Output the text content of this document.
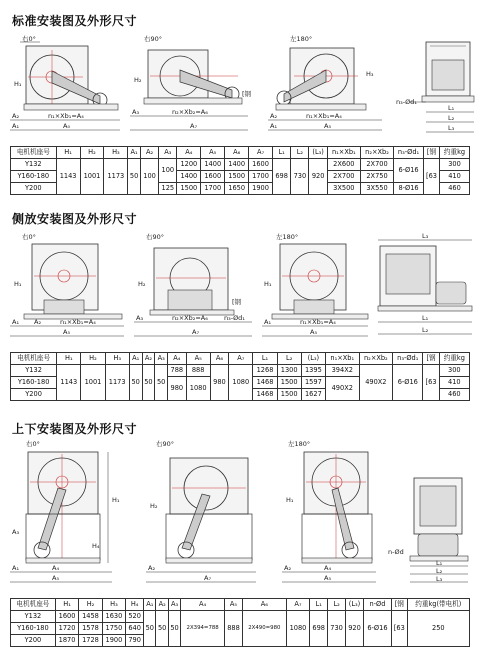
标准安装图及外形尺寸
右0°
H₁
n₁×Xb₁=A₄
A₂
A₁	A₀
右90°
H₂
[钢
n₂×Xb₂=A₆
A₃
A₇
左180°
H₃
n₁×Xb₁=A₄
A₂
A₁	A₅
n₃-Ød₁
L₁
L₂
L₃
电机机座号	H₁	H₂	H₃	A₁	A₂	A₃	A₄	A₅	A₆	A₇	L₁	L₂	(L₃)	n₁×Xb₁	n₂×Xb₂	n₃-Ød₁	[钢	约重kg
Y132	1143	1001	1173	50	100	100	1200	1400	1400	1600	698	730	920	2X600	2X700	6-Ø16	[63	300
Y160-180							1400	1600	1500	1700				2X700	2X750			410
Y200						125	1500	1700	1650	1900				3X500	3X550	8-Ø16		460
侧放安装图及外形尺寸
右0°
H₁
A₁ A₂	n₁×Xb₁=A₄
A₅
右90°
H₂
[钢
A₃	n₂×Xb₂=A₆ n₃-Ød₁
A₇
左180°
H₁
A₁	n₁×Xb₁=A₄
A₅
L₃
L₁
L₂
电机机座号	H₁	H₂	H₃	A₁	A₂	A₃	A₄	A₅	A₆	A₇	L₁	L₂	(L₃)	n₁×Xb₁	n₂×Xb₂	n₃-Ød₁	[钢	约重kg
Y132	1143	1001	1173	50	50	50	788	888	980	1080	1268	1300	1395	394X2	490X2	6-Ø16	[63	300
Y160-180							980	1080			1468	1500	1597	490X2				410
Y200											1468	1500	1627					460
上下安装图及外形尺寸
右0°
H₁
H₄
A₃
A₁	A₄
A₅
右90°
H₂
A₂
A₇
左180°
H₁
A₂	A₄
A₅
n-Ød
L₁
L₂
L₃
电机机座号	H₁	H₂	H₃	H₄	A₁	A₂	A₃	A₄	A₅	A₆	A₇	L₁	L₂	(L₃)	n-Ød	[钢	约重kg(带电机)
Y132	1600	1458	1630	520	50	50	50	2X394=788	888	2X490=980	1080	698	730	920	6-Ø16	[63	250
Y160-180	1720	1578	1750	640													
Y200	1870	1728	1900	790													
